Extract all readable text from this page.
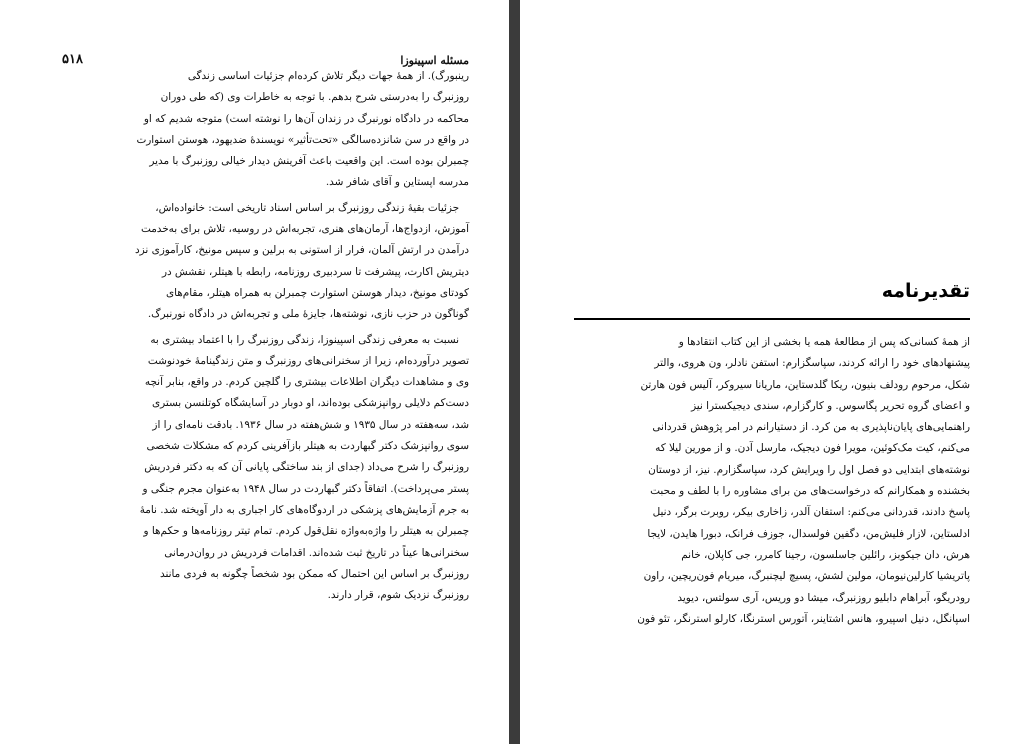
مسئله اسپینوزا
۵۱۸

رینبورگ). از همهٔ جهات دیگر تلاش کرده‌ام جزئیات اساسی زندگی

روزنبرگ را به‌درستی شرح بدهم. با توجه به خاطرات وی (که طی دوران

محاکمه در دادگاه نورنبرگ در زندان آن‌ها را نوشته است) متوجه شدیم که او

در واقع در سن شانزده‌سالگی «تحت‌تأثیر» نویسندهٔ ضدیهود، هوستن استوارت

چمبرلن بوده است. این واقعیت باعث آفرینش دیدار خیالی روزنبرگ با مدیر

مدرسه اپستاین و آقای شافر شد.

جزئیات بقیهٔ زندگی روزنبرگ بر اساس اسناد تاریخی است: خانواده‌اش،

آموزش، ازدواج‌ها، آرمان‌های هنری، تجربه‌اش در روسیه، تلاش برای به‌خدمت

درآمدن در ارتش آلمان، فرار از استونی به برلین و سپس مونیخ، کارآموزی نزد

دیتریش اکارت، پیشرفت تا سردبیری روزنامه، رابطه با هیتلر، نقشش در

کودتای مونیخ، دیدار هوستن استوارت چمبرلن به همراه هیتلر، مقام‌های

گوناگون در حزب نازی، نوشته‌ها، جایزهٔ ملی و تجربه‌اش در دادگاه نورنبرگ.

نسبت به معرفی زندگی اسپینوزا، زندگی روزنبرگ را با اعتماد بیشتری به

تصویر درآورده‌ام، زیرا از سخنرانی‌های روزنبرگ و متن زندگینامهٔ خودنوشت

وی و مشاهدات دیگران اطلاعات بیشتری را گلچین کردم. در واقع، بنابر آنچه

دست‌کم دلایلی روانپزشکی بوده‌اند، او دوبار در آسایشگاه کوتلنسن بستری

شد، سه‌هفته در سال ۱۹۳۵ و شش‌هفته در سال ۱۹۳۶. بادقت نامه‌ای را از

سوی روانپزشک دکتر گبهاردت به هیتلر بازآفرینی کردم که مشکلات شخصی

روزنبرگ را شرح می‌داد (جدای از بند ساختگی پایانی آن که به دکتر فردریش

پستر می‌پرداخت). اتفاقاً دکتر گبهاردت در سال ۱۹۴۸ به‌عنوان مجرم جنگی و

به جرم آزمایش‌های پزشکی در اردوگاه‌های کار اجباری به دار آویخته شد. نامهٔ

چمبرلن به هیتلر را واژه‌به‌واژه نقل‌قول کردم. تمام تیتر روزنامه‌ها و حکم‌ها و

سخنرانی‌ها عیناً در تاریخ ثبت شده‌اند. اقدامات فردریش در روان‌درمانی

روزنبرگ بر اساس این احتمال که ممکن بود شخصاً چگونه به فردی مانند

روزنبرگ نزدیک شوم، قرار دارند.

تقدیرنامه

از همهٔ کسانی‌که پس از مطالعهٔ همه یا بخشی از این کتاب انتقادها و

پیشنهادهای خود را ارائه کردند، سپاسگزارم: استفن نادلر، ون هروی، والتر

شکل، مرحوم رودلف بنیون، ریکا گلدستاین، ماریانا سیروکر، آلیس فون هارتن

و اعضای گروه تحریر پگاسوس. و کارگزارم، سندی دیجیکسترا نیز

راهنمایی‌های پایان‌ناپذیری به من کرد. از دستیارانم در امر پژوهش قدردانی

می‌کنم، کیت مک‌کوئین، مویرا فون دیجیک، مارسل آدن. و از مورین لیلا که

نوشته‌های ابتدایی دو فصل اول را ویرایش کرد، سپاسگزارم. نیز، از دوستان

بخشنده و همکارانم که درخواست‌های من برای مشاوره را با لطف و محبت

پاسخ دادند، قدردانی می‌کنم: استفان آلدر، زاخاری بیکر، روبرت برگر، دنیل

ادلستاین، لازار فلیش‌من، دگفین فولسدال، جوزف فرانک، دبورا هایدن، لایجا

هرش، دان جیکوبز، رائلین جاسلسون، رجینا کامرر، جی کاپلان، خانم

پاتریشیا کارلین‌نیومان، مولین لشش، پسیچ لیچنبرگ، میریام فون‌ریچین، راون

رودریگو، آبراهام دابلیو روزنبرگ، میشا دو وریس، آری سولتس، دیوید

اسپانگل، دنیل اسپیرو، هانس اشتاینر، آتورس استرنگا، کارلو استرنگر، تئو فون
